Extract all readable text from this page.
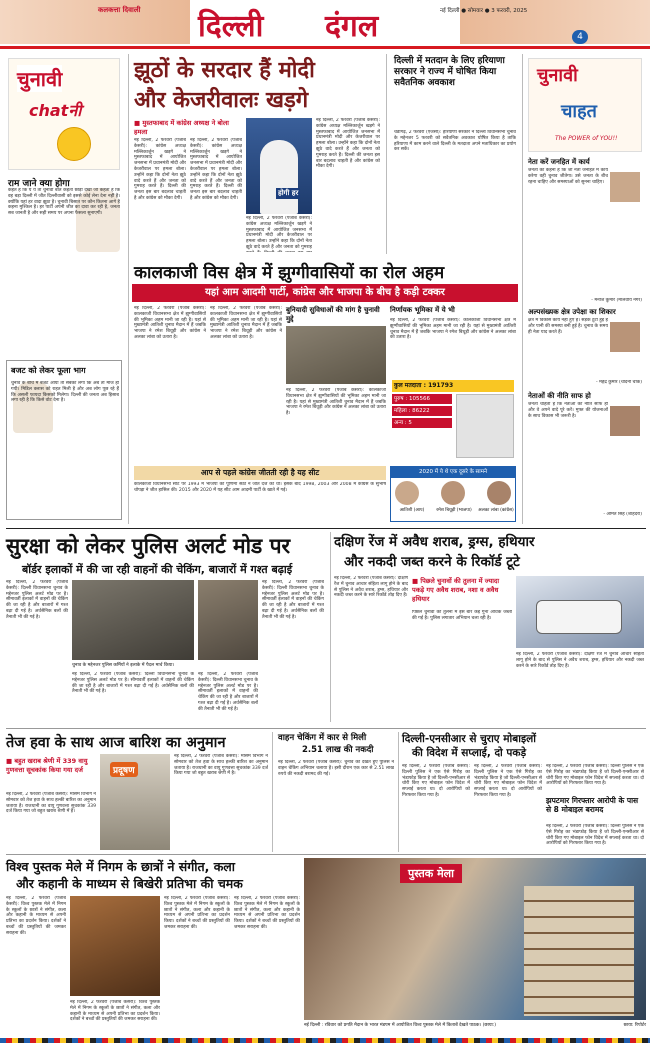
कलकत्ता दिवाली दिल्ली दंगल	नई दिल्ली ● सोमवार ● 3 फरवरी, 2025
4
चुनावी
chatनी
राम जाने क्या होगा
कहते हैं कि ये ये तो चुनावी बात कहता छोड़ो देखो जो कहता है कि वह बड़ा दिल्ली में जीत दिल्लीवासी को इससे कोई लेना देना नहीं है। क्योंकि यहां हर वादा झूठा है। चुनावी बिसात पर कौन कितना आगे है कहना मुश्किल है। हर पार्टी अपनी जीत का दावा कर रही है, जनता सब जानती है और सही समय पर अपना फैसला सुनाएगी।
बजट को लेकर फूला भाग
चुनाव के बीच में बजट आया तो सबको लगा कि अब तो मौज हो गयी। मिडिल क्लास को राहत मिली है और अब लोग पूछ रहे हैं कि असली फायदा किसको मिलेगा। दिल्ली की जनता अब हिसाब लगा रही है कि किसे वोट देना है।
झूठों के सरदार हैं मोदी
और केजरीवालः खड़गे
■ मुस्तफाबाद में कांग्रेस अध्यक्ष ने बोला हमला
नई दिल्ली, 2 फरवरी (पंजाब केसरी): कांग्रेस अध्यक्ष मल्लिकार्जुन खड़गे ने मुस्तफाबाद में आयोजित जनसभा में प्रधानमंत्री मोदी और केजरीवाल पर हमला बोला। उन्होंने कहा कि दोनों नेता झूठे वादे करते हैं और जनता को गुमराह करते हैं। दिल्ली की जनता इस बार बदलाव चाहती है और कांग्रेस को मौका देगी।
नई दिल्ली, 2 फरवरी (पंजाब केसरी): कांग्रेस अध्यक्ष मल्लिकार्जुन खड़गे ने मुस्तफाबाद में आयोजित जनसभा में प्रधानमंत्री मोदी और केजरीवाल पर हमला बोला। उन्होंने कहा कि दोनों नेता झूठे वादे करते हैं और जनता को गुमराह करते हैं। दिल्ली की जनता इस बार बदलाव चाहती है और कांग्रेस को मौका देगी।
होगी हर
नई दिल्ली, 2 फरवरी (पंजाब केसरी): कांग्रेस अध्यक्ष मल्लिकार्जुन खड़गे ने मुस्तफाबाद में आयोजित जनसभा में प्रधानमंत्री मोदी और केजरीवाल पर हमला बोला। उन्होंने कहा कि दोनों नेता झूठे वादे करते हैं और जनता को गुमराह
नई दिल्ली, 2 फरवरी (पंजाब केसरी): कांग्रेस अध्यक्ष मल्लिकार्जुन खड़गे ने मुस्तफाबाद में आयोजित जनसभा में प्रधानमंत्री मोदी और केजरीवाल पर हमला बोला। उन्होंने कहा कि दोनों नेता झूठे वादे करते हैं और जनता को गुमराह करते हैं। दिल्ली की जनता इस बार बदलाव चाहती है और कांग्रेस को मौका देगी।
दिल्ली में मतदान के लिए हरियाणा सरकार ने राज्य में घोषित किया सवैतनिक अवकाश
चंडीगढ़, 2 फरवरी (एजेंसी): हरियाणा सरकार ने दिल्ली विधानसभा चुनाव के मद्देनजर 5 फरवरी को सवैतनिक अवकाश घोषित किया है ताकि हरियाणा में काम करने वाले दिल्ली के मतदाता अपने मताधिकार का प्रयोग कर सकें।
चुनावी
चाहत
The POWER of YOU!!
नेता करें जनहित में कार्य
जनता का कहना है कि जो नेता जनहित में कार्य करेगा वही चुनाव जीतेगा। उसे जनता के बीच रहना चाहिए और समस्याओं को सुनना चाहिए।
- मनोज कुमार (मालवीय नगर)
अल्पसंख्यक क्षेत्र उपेक्षा का शिकार
क्षेत्र में विकास कार्य नहीं हुए हैं। सड़कें टूटी हुई हैं और पानी की समस्या बनी हुई है। चुनाव के समय ही नेता याद करते हैं।
- महेंद्र कुमार (चांदनी चौक)
नेताओं की नीति साफ हो
जनता चाहती है कि नेताओं की नीति साफ हो और वे अपने वादे पूरे करें। मुफ्त की योजनाओं के साथ विकास भी जरूरी है।
- अमित सिंह (शाहदरा)
कालकाजी विस क्षेत्र में झुग्गीवासियों का रोल अहम
यहां आम आदमी पार्टी, कांग्रेस और भाजपा के बीच है कड़ी टक्कर
नई दिल्ली, 2 फरवरी (पंजाब केसरी): कालकाजी विधानसभा क्षेत्र में झुग्गीवासियों की भूमिका अहम मानी जा रही है। यहां से मुख्यमंत्री आतिशी चुनाव मैदान में हैं जबकि भाजपा ने रमेश बिधूड़ी और कांग्रेस ने अलका लांबा को उतारा है।
नई दिल्ली, 2 फरवरी (पंजाब केसरी): कालकाजी विधानसभा क्षेत्र में झुग्गीवासियों की भूमिका अहम मानी जा रही है। यहां से मुख्यमंत्री आतिशी चुनाव मैदान में हैं जबकि भाजपा ने रमेश बिधूड़ी और कांग्रेस ने अलका लांबा को उतारा है।
बुनियादी सुविधाओं की मांग है चुनावी मुद्दे
नई दिल्ली, 2 फरवरी (पंजाब केसरी): कालकाजी विधानसभा क्षेत्र में झुग्गीवासियों की भूमिका अहम मानी जा रही है। यहां से मुख्यमंत्री आतिशी चुनाव मैदान में हैं जबकि भाजपा ने रमेश बिधूड़ी और कांग्रेस ने अलका लांबा को उतारा है।
निर्णायक भूमिका में ये भी
नई दिल्ली, 2 फरवरी (पंजाब केसरी): कालकाजी विधानसभा क्षेत्र में झुग्गीवासियों की भूमिका अहम मानी जा रही है। यहां से मुख्यमंत्री आतिशी चुनाव मैदान में हैं जबकि भाजपा ने रमेश बिधूड़ी और कांग्रेस ने अलका लांबा को उतारा है।
कुल मतदाता : 191793
पुरुष : 105566
महिला : 86222
अन्य : 5
आप से पहले कांग्रेस जीतती रही है यह सीट
कालकाजी विधानसभा सीट पर 1993 में भाजपा की पूर्णिमा सेठी ने जीत दर्ज की थी। इसके बाद 1998, 2003 और 2008 में कांग्रेस के सुभाष चोपड़ा ने जीत हासिल की। 2015 और 2020 में यह सीट आम आदमी पार्टी के खाते में गई।
2020 में ये थे एक दूसरे के सामने
आतिशी (आप)	रमेश बिधूड़ी (भाजपा)	अलका लांबा (कांग्रेस)
सुरक्षा को लेकर पुलिस अलर्ट मोड पर
बॉर्डर इलाकों में की जा रही वाहनों की चेकिंग, बाजारों में गश्त बढ़ाई
नई दिल्ली, 2 फरवरी (पंजाब केसरी): दिल्ली विधानसभा चुनाव के मद्देनजर पुलिस अलर्ट मोड पर है। सीमावर्ती इलाकों में वाहनों की चेकिंग की जा रही है और बाजारों में गश्त बढ़ा दी गई है। अर्धसैनिक बलों की तैनाती भी की गई है।
चुनाव के मद्देनजर पुलिस कर्मियों ने इलाके में पैदल मार्च किया।
नई दिल्ली, 2 फरवरी (पंजाब केसरी): दिल्ली विधानसभा चुनाव के मद्देनजर पुलिस अलर्ट मोड पर है। सीमावर्ती इलाकों में वाहनों की चेकिंग की जा रही है और बाजारों में गश्त बढ़ा दी गई है। अर्धसैनिक बलों की तैनाती भी की गई है।
नई दिल्ली, 2 फरवरी (पंजाब केसरी): दिल्ली विधानसभा चुनाव के मद्देनजर पुलिस अलर्ट मोड पर है। सीमावर्ती इलाकों में वाहनों की चेकिंग की जा रही है और बाजारों में गश्त बढ़ा दी गई है। अर्धसैनिक बलों की तैनाती भी की गई है।
नई दिल्ली, 2 फरवरी (पंजाब केसरी): दिल्ली विधानसभा चुनाव के मद्देनजर पुलिस अलर्ट मोड पर है। सीमावर्ती इलाकों में वाहनों की चेकिंग की जा रही है और बाजारों में गश्त बढ़ा दी गई है। अर्धसैनिक बलों की तैनाती भी की गई है।
दक्षिण रेंज में अवैध शराब, ड्रग्स, हथियार
और नकदी जब्त करने के रिकॉर्ड टूटे
नई दिल्ली, 2 फरवरी (पंजाब केसरी): दक्षिण रेंज में चुनाव आचार संहिता लागू होने के बाद से पुलिस ने अवैध शराब, ड्रग्स, हथियार और नकदी जब्त करने के सारे रिकॉर्ड तोड़ दिए हैं।
■ पिछले चुनावों की तुलना में ज्यादा पकड़े गए अवैध शराब, नशा व अवैध हथियार
पिछले चुनावों की तुलना में इस बार कई गुना अधिक जब्ती की गई है। पुलिस लगातार अभियान चला रही है।
नई दिल्ली, 2 फरवरी (पंजाब केसरी): दक्षिण रेंज में चुनाव आचार संहिता लागू होने के बाद से पुलिस ने अवैध शराब, ड्रग्स, हथियार और नकदी जब्त करने के सारे रिकॉर्ड तोड़ दिए हैं।
तेज हवा के साथ आज बारिश का अनुमान
■ बहुत खराब श्रेणी में 339 वायु गुणवत्ता सूचकांक किया गया दर्ज
नई दिल्ली, 2 फरवरी (पंजाब केसरी): मौसम विभाग ने सोमवार को तेज हवा के साथ हल्की बारिश का अनुमान जताया है। राजधानी का वायु गुणवत्ता सूचकांक 339 दर्ज किया गया जो बहुत खराब श्रेणी में है।
प्रदूषण
नई दिल्ली, 2 फरवरी (पंजाब केसरी): मौसम विभाग ने सोमवार को तेज हवा के साथ हल्की बारिश का अनुमान जताया है। राजधानी का वायु गुणवत्ता सूचकांक 339 दर्ज किया गया जो बहुत खराब श्रेणी में है।
वाहन चेकिंग में कार से मिली
2.51 लाख की नकदी
नई दिल्ली, 2 फरवरी (पंजाब केसरी): चुनाव को देखते हुए पुलिस ने वाहन चेकिंग अभियान चलाया है। इसी दौरान एक कार से 2.51 लाख रुपये की नकदी बरामद की गई।
दिल्ली-एनसीआर से चुराए मोबाइलों
की विदेश में सप्लाई, दो पकड़े
नई दिल्ली, 2 फरवरी (पंजाब केसरी): दिल्ली पुलिस ने एक ऐसे गिरोह का भंडाफोड़ किया है जो दिल्ली-एनसीआर से चोरी किए गए मोबाइल फोन विदेश में सप्लाई करता था। दो आरोपियों को गिरफ्तार किया गया है।
नई दिल्ली, 2 फरवरी (पंजाब केसरी): दिल्ली पुलिस ने एक ऐसे गिरोह का भंडाफोड़ किया है जो दिल्ली-एनसीआर से चोरी किए गए मोबाइल फोन विदेश में सप्लाई करता था। दो आरोपियों को गिरफ्तार किया गया है।
नई दिल्ली, 2 फरवरी (पंजाब केसरी): दिल्ली पुलिस ने एक ऐसे गिरोह का भंडाफोड़ किया है जो दिल्ली-एनसीआर से चोरी किए गए मोबाइल फोन विदेश में सप्लाई करता था। दो आरोपियों को गिरफ्तार किया गया है।
झपटमार गिरफ्तार आरोपी के पास से 8 मोबाइल बरामद
नई दिल्ली, 2 फरवरी (पंजाब केसरी): दिल्ली पुलिस ने एक ऐसे गिरोह का भंडाफोड़ किया है जो दिल्ली-एनसीआर से चोरी किए गए मोबाइल फोन विदेश में सप्लाई करता था। दो आरोपियों को गिरफ्तार किया गया है।
विश्व पुस्तक मेले में निगम के छात्रों ने संगीत, कला
और कहानी के माध्यम से बिखेरी प्रतिभा की चमक
नई दिल्ली, 2 फरवरी (पंजाब केसरी): विश्व पुस्तक मेले में निगम के स्कूलों के छात्रों ने संगीत, कला और कहानी के माध्यम से अपनी प्रतिभा का प्रदर्शन किया। दर्शकों ने बच्चों की प्रस्तुतियों की जमकर सराहना की।
नई दिल्ली, 2 फरवरी (पंजाब केसरी): विश्व पुस्तक मेले में निगम के स्कूलों के छात्रों ने संगीत, कला और कहानी के माध्यम से अपनी प्रतिभा का प्रदर्शन किया। दर्शकों ने बच्चों की प्रस्तुतियों की जमकर सराहना की।
नई दिल्ली, 2 फरवरी (पंजाब केसरी): विश्व पुस्तक मेले में निगम के स्कूलों के छात्रों ने संगीत, कला और कहानी के माध्यम से अपनी प्रतिभा का प्रदर्शन किया। दर्शकों ने बच्चों की प्रस्तुतियों की जमकर सराहना की।
नई दिल्ली, 2 फरवरी (पंजाब केसरी): विश्व पुस्तक मेले में निगम के स्कूलों के छात्रों ने संगीत, कला और कहानी के माध्यम से अपनी प्रतिभा का प्रदर्शन किया। दर्शकों ने बच्चों की प्रस्तुतियों की जमकर सराहना की।
पुस्तक मेला
नई दिल्ली : रविवार को प्रगति मैदान के भारत मंडपम में आयोजित विश्व पुस्तक मेले में किताबें देखते पाठक। (छाया:)	छाया: रिपोर्टर
